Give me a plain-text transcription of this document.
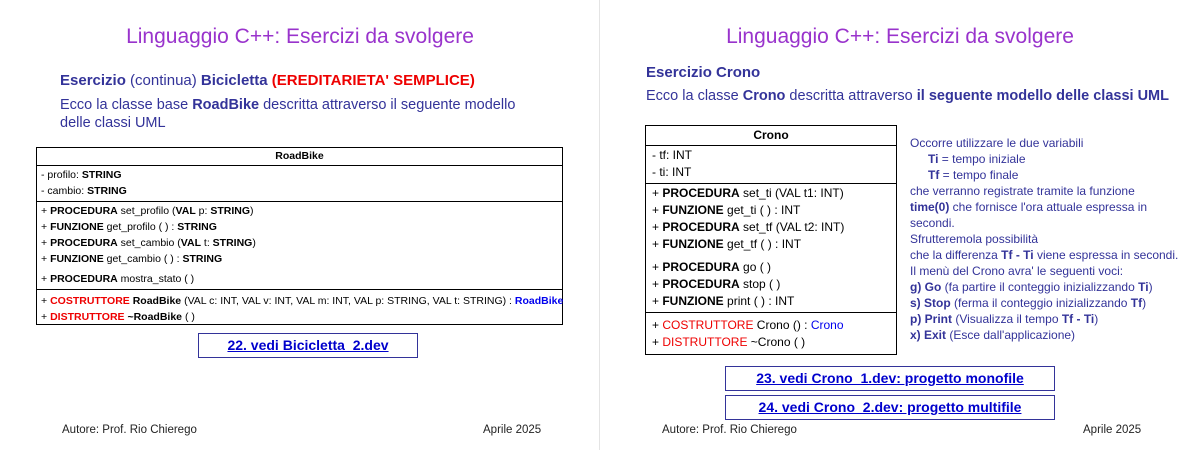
Linguaggio C++: Esercizi da svolgere
Esercizio (continua) Bicicletta (EREDITARIETA' SEMPLICE)
Ecco la classe base RoadBike descritta attraverso il seguente modello delle classi UML
RoadBike
- profilo: STRING
- cambio: STRING
+ PROCEDURA set_profilo (VAL p: STRING)
+ FUNZIONE get_profilo ( ) : STRING
+ PROCEDURA set_cambio (VAL t: STRING)
+ FUNZIONE get_cambio ( ) : STRING
+ PROCEDURA mostra_stato ( )
+ COSTRUTTORE RoadBike (VAL c: INT, VAL v: INT, VAL m: INT, VAL p: STRING, VAL t: STRING) : RoadBike
+ DISTRUTTORE ~RoadBike ( )
22. vedi Bicicletta_2.dev
Autore: Prof. Rio Chierego	Aprile 2025
Linguaggio C++: Esercizi da svolgere
Esercizio Crono
Ecco la classe Crono descritta attraverso il seguente modello delle classi UML
Crono
- tf: INT
- ti: INT
+ PROCEDURA set_ti (VAL t1: INT)
+ FUNZIONE get_ti ( ) : INT
+ PROCEDURA set_tf (VAL t2: INT)
+ FUNZIONE get_tf ( ) : INT
+ PROCEDURA go ( )
+ PROCEDURA stop ( )
+ FUNZIONE print ( ) : INT
+ COSTRUTTORE Crono () : Crono
+ DISTRUTTORE ~Crono ( )
Occorre utilizzare le due variabili
Ti = tempo iniziale
Tf = tempo finale
che verranno registrate tramite la funzione
time(0) che fornisce l'ora attuale espressa in secondi.
Sfrutteremola possibilità
che la differenza Tf - Ti viene espressa in secondi.
Il menù del Crono avra' le seguenti voci:
g) Go (fa partire il conteggio inizializzando Ti)
s) Stop (ferma il conteggio inizializzando Tf)
p) Print (Visualizza il tempo Tf - Ti)
x) Exit (Esce dall'applicazione)
23. vedi Crono_1.dev: progetto monofile
24. vedi Crono_2.dev: progetto multifile
Autore: Prof. Rio Chierego	Aprile 2025
